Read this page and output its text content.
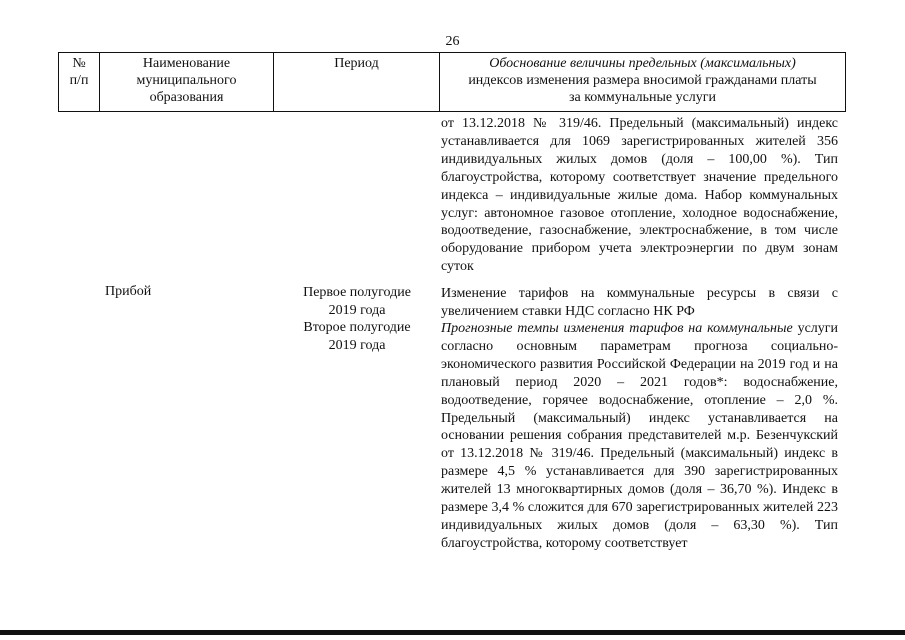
26
№
п/п
Наименование
муниципального
образования
Период	Обоснование величины предельных (максимальных)
индексов изменения размера вносимой гражданами платы
за коммунальные услуги
от 13.12.2018 № 319/46. Предельный (максимальный) индекс устанавливается для 1069 зарегистрированных жителей 356 индивидуальных жилых домов (доля – 100,00 %). Тип благоустройства, которому соответствует значение предельного индекса – индивидуальные жилые дома. Набор коммунальных услуг: автономное газовое отопление, холодное водоснабжение, водоотведение, газоснабжение, электроснабжение, в том числе оборудование прибором учета электроэнергии по двум зонам суток
Прибой	Первое полугодие
2019 года
Второе полугодие
2019 года
Изменение тарифов на коммунальные ресурсы в связи с увеличением ставки НДС согласно НК РФ
Прогнозные темпы изменения тарифов на коммунальные услуги согласно основным параметрам прогноза социально-экономического развития Российской Федерации на 2019 год и на плановый период 2020 – 2021 годов*: водоснабжение, водоотведение, горячее водоснабжение, отопление – 2,0 %. Предельный (максимальный) индекс устанавливается на основании решения собрания представителей м.р. Безенчукский от 13.12.2018 № 319/46. Предельный (максимальный) индекс в размере 4,5 % устанавливается для 390 зарегистрированных жителей 13 многоквартирных домов (доля – 36,70 %). Индекс в размере 3,4 % сложится для 670 зарегистрированных жителей 223 индивидуальных жилых домов (доля – 63,30 %). Тип благоустройства, которому соответствует
